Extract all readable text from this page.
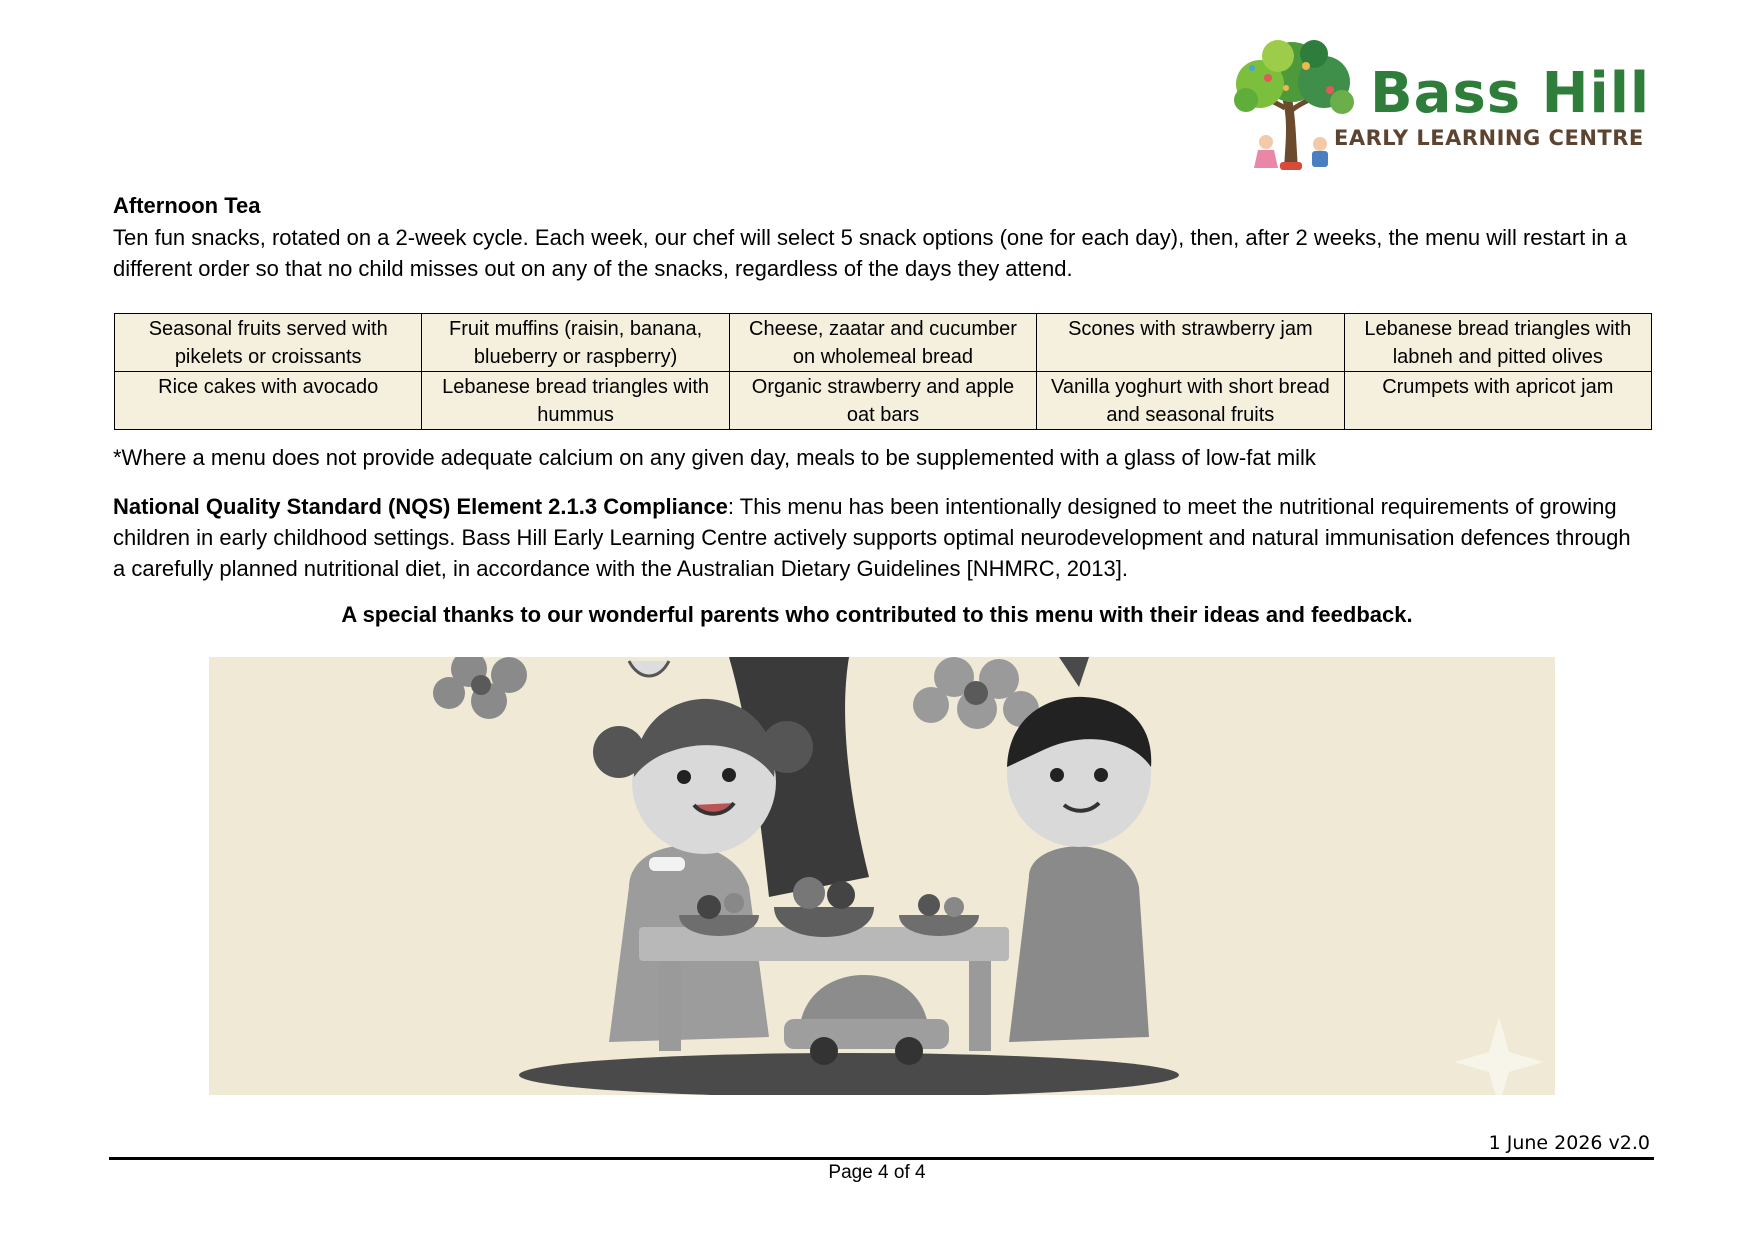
Bass Hill
EARLY LEARNING CENTRE
Afternoon Tea
Ten fun snacks, rotated on a 2-week cycle. Each week, our chef will select 5 snack options (one for each day), then, after 2 weeks, the menu will restart in a different order so that no child misses out on any of the snacks, regardless of the days they attend.
Seasonal fruits served with pikelets or croissants	Fruit muffins (raisin, banana, blueberry or raspberry)	Cheese, zaatar and cucumber on wholemeal bread	Scones with strawberry jam	Lebanese bread triangles with labneh and pitted olives
Rice cakes with avocado	Lebanese bread triangles with hummus	Organic strawberry and apple oat bars	Vanilla yoghurt with short bread and seasonal fruits	Crumpets with apricot jam
*Where a menu does not provide adequate calcium on any given day, meals to be supplemented with a glass of low-fat milk
National Quality Standard (NQS) Element 2.1.3 Compliance: This menu has been intentionally designed to meet the nutritional requirements of growing children in early childhood settings. Bass Hill Early Learning Centre actively supports optimal neurodevelopment and natural immunisation defences through a carefully planned nutritional diet, in accordance with the Australian Dietary Guidelines [NHMRC, 2013].
A special thanks to our wonderful parents who contributed to this menu with their ideas and feedback.
1 June 2026 v2.0
Page 4 of 4
